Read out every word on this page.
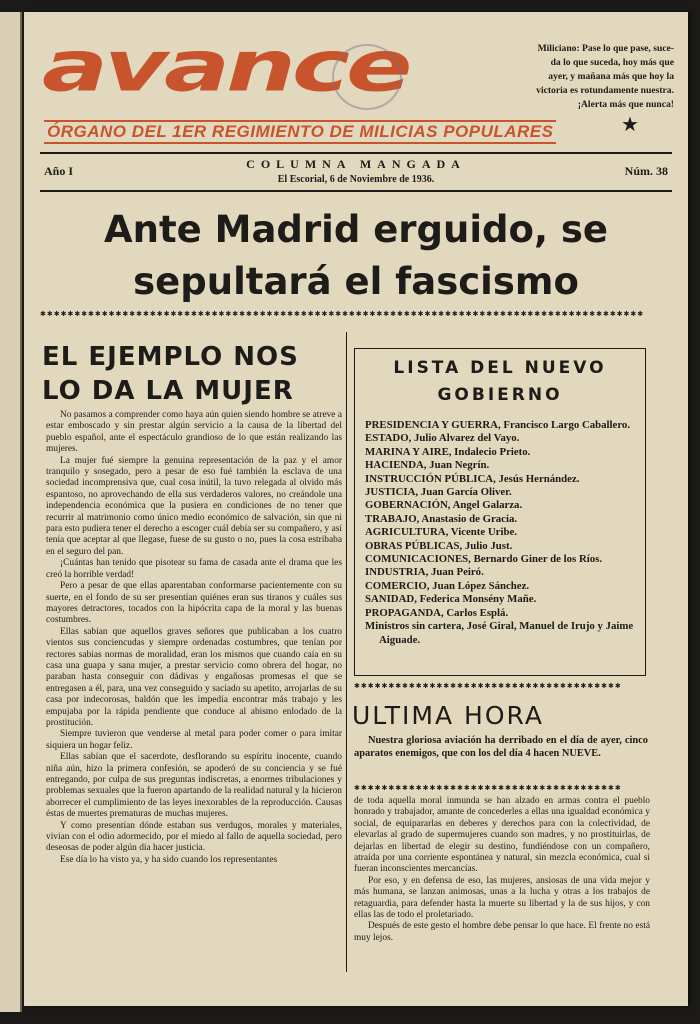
avance
ÓRGANO DEL 1ER REGIMIENTO DE MILICIAS POPULARES
Miliciano: Pase lo que pase, suce-
da lo que suceda, hoy más que
ayer, y mañana más que hoy la
victoria es rotundamente nuestra.
¡Alerta más que nunca!
★
Año I	COLUMNA MANGADA
El Escorial, 6 de Noviembre de 1936.
Núm. 38
Ante Madrid erguido, se sepultará el fascismo
✱✱✱✱✱✱✱✱✱✱✱✱✱✱✱✱✱✱✱✱✱✱✱✱✱✱✱✱✱✱✱✱✱✱✱✱✱✱✱✱✱✱✱✱✱✱✱✱✱✱✱✱✱✱✱✱✱✱✱✱✱✱✱✱✱✱✱✱✱✱✱✱✱✱✱✱✱✱✱✱✱✱✱✱✱✱✱✱
EL EJEMPLO NOS LO DA LA MUJER

No pasamos a comprender como haya aún quien siendo hombre se atreve a estar emboscado y sin prestar algún servicio a la causa de la libertad del pueblo español, ante el espectáculo grandioso de lo que están realizando las mujeres.

La mujer fué siempre la genuina representación de la paz y el amor tranquilo y sosegado, pero a pesar de eso fué también la esclava de una sociedad incomprensiva que, cual cosa inútil, la tuvo relegada al olvido más espantoso, no aprovechando de ella sus verdaderos valores, no creándole una independencia económica que la pusiera en condiciones de no tener que recurrir al matrimonio como único medio económico de salvación, sin que ni para esto pudiera tener el derecho a escoger cuál debía ser su compañero, y así tenía que aceptar al que llegase, fuese de su gusto o no, pues la cosa estribaba en el seguro del pan.

¡Cuántas han tenido que pisotear su fama de casada ante el drama que les creó la horrible verdad!

Pero a pesar de que ellas aparentaban conformarse pacientemente con su suerte, en el fondo de su ser presentían quiénes eran sus tiranos y cuáles sus mayores detractores, tocados con la hipócrita capa de la moral y las buenas costumbres.

Ellas sabían que aquellos graves señores que publicaban a los cuatro vientos sus conciencudas y siempre ordenadas costumbres, que tenían por rectores sabias normas de moralidad, eran los mismos que cuando caía en su casa una guapa y sana mujer, a prestar servicio como obrera del hogar, no paraban hasta conseguir con dádivas y engañosas promesas el que se entregasen a él, para, una vez conseguido y saciado su apetito, arrojarlas de su casa por indecorosas, baldón que les impedía encontrar más trabajo y les empujaba por la rápida pendiente que conduce al abismo enlodado de la prostitución.

Siempre tuvieron que venderse al metal para poder comer o para imitar siquiera un hogar feliz.

Ellas sabían que el sacerdote, desflorando su espíritu inocente, cuando niña aún, hizo la primera confesión, se apoderó de su conciencia y se fué entregando, por culpa de sus preguntas indiscretas, a enormes tribulaciones y problemas sexuales que la fueron apartando de la realidad natural y la hicieron aborrecer el cumplimiento de las leyes inexorables de la reproducción. Causas éstas de muertes prematuras de muchas mujeres.

Y como presentían dónde estaban sus verdugos, morales y materiales, vivían con el odio adormecido, por el miedo al fallo de aquella sociedad, pero deseosas de poder algún día hacer justicia.

Ese día lo ha visto ya, y ha sido cuando los representantes

LISTA DEL NUEVO GOBIERNO
PRESIDENCIA Y GUERRA, Francisco Largo Caballero.
ESTADO, Julio Alvarez del Vayo.
MARINA Y AIRE, Indalecio Prieto.
HACIENDA, Juan Negrín.
INSTRUCCIÓN PÚBLICA, Jesús Hernández.
JUSTICIA, Juan García Oliver.
GOBERNACIÓN, Angel Galarza.
TRABAJO, Anastasio de Gracia.
AGRICULTURA, Vicente Uribe.
OBRAS PÚBLICAS, Julio Just.
COMUNICACIONES, Bernardo Giner de los Ríos.
INDUSTRIA, Juan Peiró.
COMERCIO, Juan López Sánchez.
SANIDAD, Federica Monsény Mañe.
PROPAGANDA, Carlos Esplá.
Ministros sin cartera, José Giral, Manuel de Irujo y Jaime Aiguade.
✱✱✱✱✱✱✱✱✱✱✱✱✱✱✱✱✱✱✱✱✱✱✱✱✱✱✱✱✱✱✱✱✱✱✱✱✱✱✱
ULTIMA HORA
Nuestra gloriosa aviación ha derribado en el día de ayer, cinco aparatos enemigos, que con los del día 4 hacen NUEVE.
✱✱✱✱✱✱✱✱✱✱✱✱✱✱✱✱✱✱✱✱✱✱✱✱✱✱✱✱✱✱✱✱✱✱✱✱✱✱✱

de toda aquella moral inmunda se han alzado en armas contra el pueblo honrado y trabajador, amante de concederles a ellas una igualdad económica y social, de equipararlas en deberes y derechos para con la colectividad, de elevarlas al grado de supermujeres cuando son madres, y no prostituirlas, de dejarlas en libertad de elegir su destino, fundiéndose con un compañero, atraída por una corriente espontánea y natural, sin mezcla económica, cual si fueran inconscientes mercancías.

Por eso, y en defensa de eso, las mujeres, ansiosas de una vida mejor y más humana, se lanzan animosas, unas a la lucha y otras a los trabajos de retaguardia, para defender hasta la muerte su libertad y la de sus hijos, y con ellas las de todo el proletariado.

Después de este gesto el hombre debe pensar lo que hace. El frente no está muy lejos.
